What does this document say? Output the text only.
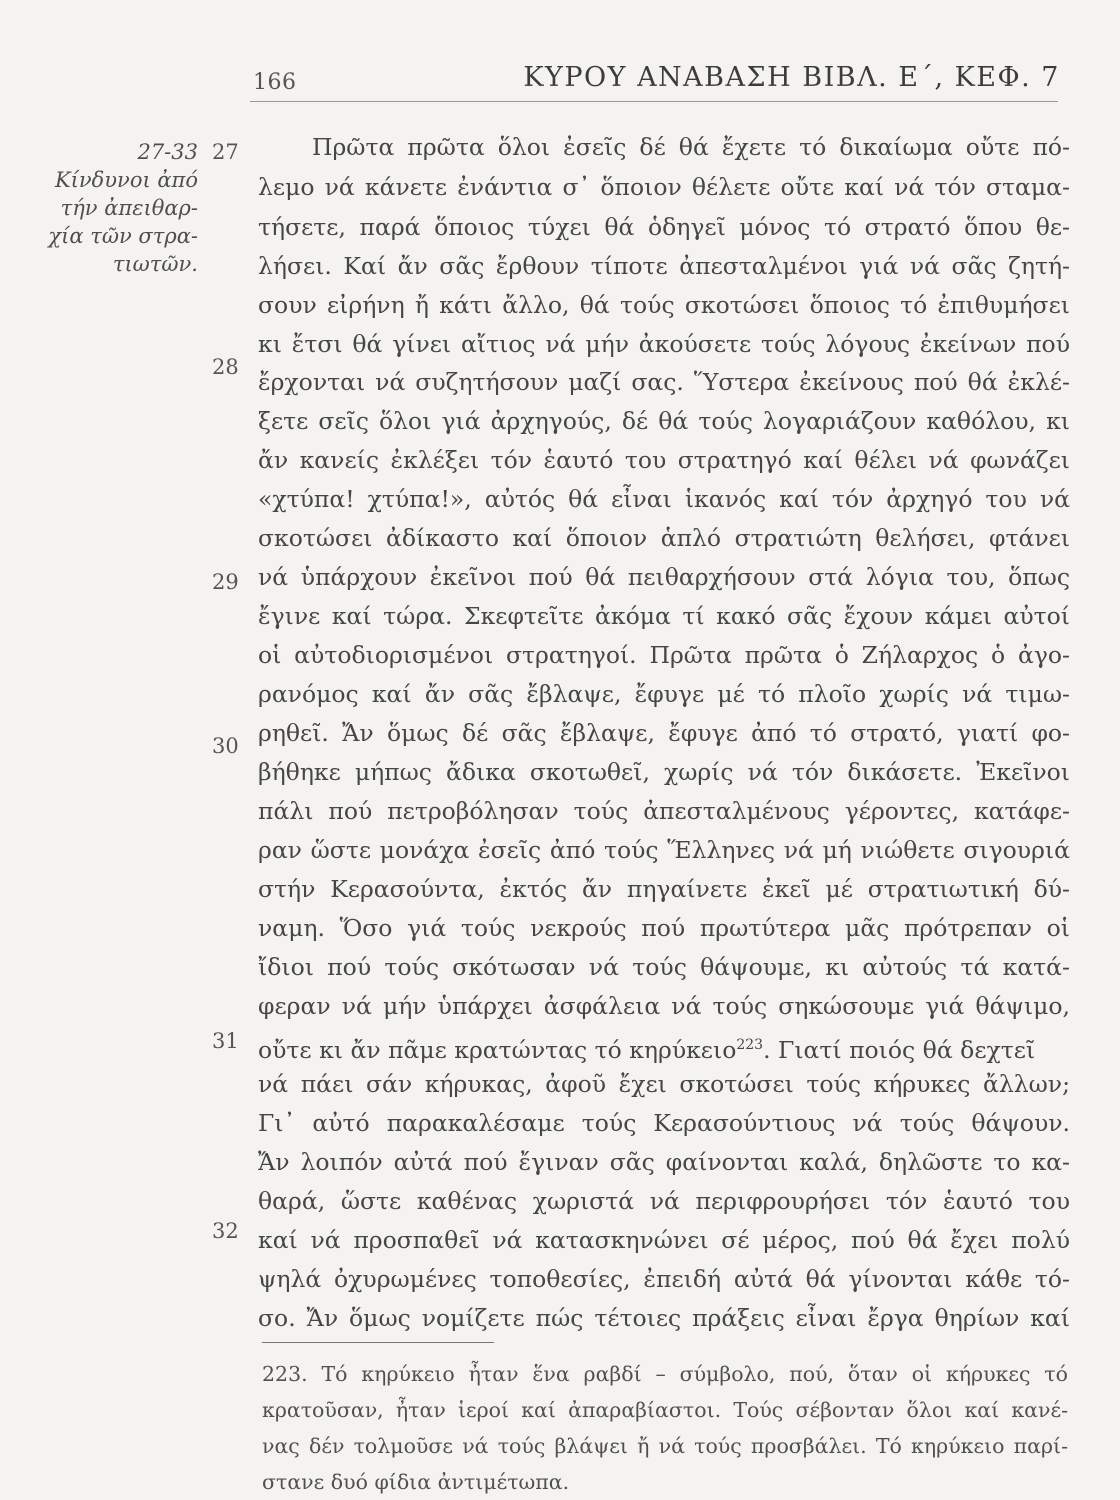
166	ΚΥΡΟΥ ΑΝΑΒΑΣΗ ΒΙΒΛ. Ε΄, ΚΕΦ. 7
27-33
Κίνδυνοι ἀπό
τήν ἀπειθαρ-
χία τῶν στρα-
τιωτῶν.
27
28
29
30
31
32
Πρῶτα πρῶτα ὅλοι ἐσεῖς δέ θά ἔχετε τό δικαίωμα οὔτε πό-
λεμο νά κάνετε ἐνάντια σ᾿ ὅποιον θέλετε οὔτε καί νά τόν σταμα-
τήσετε, παρά ὅποιος τύχει θά ὁδηγεῖ μόνος τό στρατό ὅπου θε-
λήσει. Καί ἄν σᾶς ἔρθουν τίποτε ἀπεσταλμένοι γιά νά σᾶς ζητή-
σουν εἰρήνη ἤ κάτι ἄλλο, θά τούς σκοτώσει ὅποιος τό ἐπιθυμήσει
κι ἔτσι θά γίνει αἴτιος νά μήν ἀκούσετε τούς λόγους ἐκείνων πού
ἔρχονται νά συζητήσουν μαζί σας. Ὕστερα ἐκείνους πού θά ἐκλέ-
ξετε σεῖς ὅλοι γιά ἀρχηγούς, δέ θά τούς λογαριάζουν καθόλου, κι
ἄν κανείς ἐκλέξει τόν ἑαυτό του στρατηγό καί θέλει νά φωνάζει
«χτύπα! χτύπα!», αὐτός θά εἶναι ἱκανός καί τόν ἀρχηγό του νά
σκοτώσει ἀδίκαστο καί ὅποιον ἁπλό στρατιώτη θελήσει, φτάνει
νά ὑπάρχουν ἐκεῖνοι πού θά πειθαρχήσουν στά λόγια του, ὅπως
ἔγινε καί τώρα. Σκεφτεῖτε ἀκόμα τί κακό σᾶς ἔχουν κάμει αὐτοί
οἱ αὐτοδιορισμένοι στρατηγοί. Πρῶτα πρῶτα ὁ Ζήλαρχος ὁ ἀγο-
ρανόμος καί ἄν σᾶς ἔβλαψε, ἔφυγε μέ τό πλοῖο χωρίς νά τιμω-
ρηθεῖ. Ἄν ὅμως δέ σᾶς ἔβλαψε, ἔφυγε ἀπό τό στρατό, γιατί φο-
βήθηκε μήπως ἄδικα σκοτωθεῖ, χωρίς νά τόν δικάσετε. Ἐκεῖνοι
πάλι πού πετροβόλησαν τούς ἀπεσταλμένους γέροντες, κατάφε-
ραν ὥστε μονάχα ἐσεῖς ἀπό τούς Ἕλληνες νά μή νιώθετε σιγουριά
στήν Κερασούντα, ἐκτός ἄν πηγαίνετε ἐκεῖ μέ στρατιωτική δύ-
ναμη. Ὅσο γιά τούς νεκρούς πού πρωτύτερα μᾶς πρότρεπαν οἱ
ἴδιοι πού τούς σκότωσαν νά τούς θάψουμε, κι αὐτούς τά κατά-
φεραν νά μήν ὑπάρχει ἀσφάλεια νά τούς σηκώσουμε γιά θάψιμο,
οὔτε κι ἄν πᾶμε κρατώντας τό κηρύκειο$^{223}$. Γιατί ποιός θά δεχτεῖ
νά πάει σάν κήρυκας, ἀφοῦ ἔχει σκοτώσει τούς κήρυκες ἄλλων;
Γι᾿ αὐτό παρακαλέσαμε τούς Κερασούντιους νά τούς θάψουν.
Ἄν λοιπόν αὐτά πού ἔγιναν σᾶς φαίνονται καλά, δηλῶστε το κα-
θαρά, ὥστε καθένας χωριστά νά περιφρουρήσει τόν ἑαυτό του
καί νά προσπαθεῖ νά κατασκηνώνει σέ μέρος, πού θά ἔχει πολύ
ψηλά ὀχυρωμένες τοποθεσίες, ἐπειδή αὐτά θά γίνονται κάθε τό-
σο. Ἄν ὅμως νομίζετε πώς τέτοιες πράξεις εἶναι ἔργα θηρίων καί
223. Τό κηρύκειο ἦταν ἕνα ραβδί – σύμβολο, πού, ὅταν οἱ κήρυκες τό
κρατοῦσαν, ἦταν ἱεροί καί ἀπαραβίαστοι. Τούς σέβονταν ὅλοι καί κανέ-
νας δέν τολμοῦσε νά τούς βλάψει ἤ νά τούς προσβάλει. Τό κηρύκειο παρί-
στανε δυό φίδια ἀντιμέτωπα.
